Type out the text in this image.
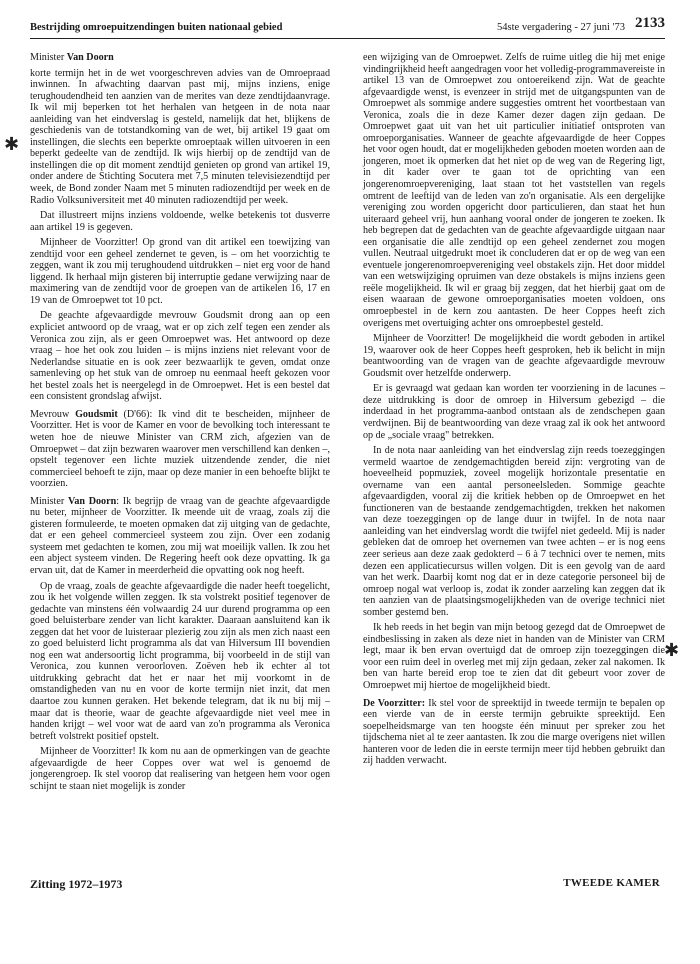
Bestrijding omroepuitzendingen buiten nationaal gebied	54ste vergadering - 27 juni '73 2133

Minister Van Doorn

korte termijn het in de wet voorgeschreven advies van de Omroepraad inwinnen. In afwachting daarvan past mij, mijns inziens, enige terughoudendheid ten aanzien van de merites van deze zendtijdaanvrage. Ik wil mij beperken tot het herhalen van hetgeen in de nota naar aanleiding van het eindverslag is gesteld, namelijk dat het, blijkens de geschiedenis van de totstandkoming van de wet, bij artikel 19 gaat om instellingen, die slechts een beperkte omroeptaak willen uitvoeren in een beperkt gedeelte van de zendtijd. Ik wijs hierbij op de zendtijd van de instellingen die op dit moment zendtijd genieten op grond van artikel 19, onder andere de Stichting Socutera met 7,5 minuten televisiezendtijd per week, de Bond zonder Naam met 5 minuten radiozendtijd per week en de Radio Volksuniversiteit met 40 minuten radiozendtijd per week.

Dat illustreert mijns inziens voldoende, welke betekenis tot dusverre aan artikel 19 is gegeven.

Mijnheer de Voorzitter! Op grond van dit artikel een toewijzing van zendtijd voor een geheel zendernet te geven, is – om het voorzichtig te zeggen, want ik zou mij terughoudend uitdrukken – niet erg voor de hand liggend. Ik herhaal mijn gisteren bij interruptie gedane verwijzing naar de maximering van de zendtijd voor de groepen van de artikelen 16, 17 en 19 van de Omroepwet tot 10 pct.

De geachte afgevaardigde mevrouw Goudsmit drong aan op een expliciet antwoord op de vraag, wat er op zich zelf tegen een zender als Veronica zou zijn, als er geen Omroepwet was. Het antwoord op deze vraag – hoe het ook zou luiden – is mijns inziens niet relevant voor de Nederlandse situatie en is ook zeer bezwaarlijk te geven, omdat onze samenleving op het stuk van de omroep nu eenmaal heeft gekozen voor het bestel zoals het is neergelegd in de Omroepwet. Het is een bestel dat een consistent grondslag afwijst.

Mevrouw Goudsmit (D'66): Ik vind dit te bescheiden, mijnheer de Voorzitter. Het is voor de Kamer en voor de bevolking toch interessant te weten hoe de nieuwe Minister van CRM zich, afgezien van de Omroepwet – dat zijn bezwaren waarover men verschillend kan denken –, opstelt tegenover een lichte muziek uitzendende zender, die niet commercieel behoeft te zijn, maar op deze manier in een behoefte blijkt te voorzien.

Minister Van Doorn: Ik begrijp de vraag van de geachte afgevaardigde nu beter, mijnheer de Voorzitter. Ik meende uit de vraag, zoals zij die gisteren formuleerde, te moeten opmaken dat zij uitging van de gedachte, dat er een geheel commercieel systeem zou zijn. Over een zodanig systeem met gedachten te komen, zou mij wat moeilijk vallen. Ik zou het een abject systeem vinden. De Regering heeft ook deze opvatting. Ik ga ervan uit, dat de Kamer in meerderheid die opvatting ook nog heeft.

Op de vraag, zoals de geachte afgevaardigde die nader heeft toegelicht, zou ik het volgende willen zeggen. Ik sta volstrekt positief tegenover de gedachte van minstens één volwaardig 24 uur durend programma op een goed beluisterbare zender van licht karakter. Daaraan aansluitend kan ik zeggen dat het voor de luisteraar plezierig zou zijn als men zich naast een zo goed beluisterd licht programma als dat van Hilversum III bovendien nog een wat andersoortig licht programma, bij voorbeeld in de stijl van Veronica, zou kunnen veroorloven. Zoëven heb ik echter al tot uitdrukking gebracht dat het er naar het mij voorkomt in de omstandigheden van nu en voor de korte termijn niet inzit, dat men daartoe zou kunnen geraken. Het bekende telegram, dat ik nu bij mij – maar dat is theorie, waar de geachte afgevaardigde niet veel mee in handen krijgt – wel voor wat de aard van zo'n programma als Veronica betreft volstrekt positief opstelt.

Mijnheer de Voorzitter! Ik kom nu aan de opmerkingen van de geachte afgevaardigde de heer Coppes over wat wel is genoemd de jongerengroep. Ik stel voorop dat realisering van hetgeen hem voor ogen schijnt te staan niet mogelijk is zonder

een wijziging van de Omroepwet. Zelfs de ruime uitleg die hij met enige vindingrijkheid heeft aangedragen voor het volledig-programmavereiste in artikel 13 van de Omroepwet zou ontoereikend zijn. Wat de geachte afgevaardigde wenst, is evenzeer in strijd met de uitgangspunten van de Omroepwet als sommige andere suggesties omtrent het voortbestaan van Veronica, zoals die in deze Kamer dezer dagen zijn gedaan. De Omroepwet gaat uit van het uit particulier initiatief ontsproten van omroeporganisaties. Wanneer de geachte afgevaardigde de heer Coppes het voor ogen houdt, dat er mogelijkheden geboden moeten worden aan de jongeren, moet ik opmerken dat het niet op de weg van de Regering ligt, in dit kader over te gaan tot de oprichting van een jongerenomroepvereniging, laat staan tot het vaststellen van regels omtrent de leeftijd van de leden van zo'n organisatie. Als een dergelijke vereniging zou worden opgericht door particulieren, dan staat het hun uiteraard geheel vrij, hun aanhang vooral onder de jongeren te zoeken. Ik heb begrepen dat de gedachten van de geachte afgevaardigde uitgaan naar een organisatie die alle zendtijd op een geheel zendernet zou mogen vullen. Neutraal uitgedrukt moet ik concluderen dat er op de weg van een eventuele jongerenomroepvereniging veel obstakels zijn. Het door middel van een wetswijziging opruimen van deze obstakels is mijns inziens geen reële mogelijkheid. Ik wil er graag bij zeggen, dat het hierbij gaat om de eisen waaraan de gewone omroeporganisaties moeten voldoen, ons omroepbestel in de kern zou aantasten. De heer Coppes heeft zich overigens met overtuiging achter ons omroepbestel gesteld.

Mijnheer de Voorzitter! De mogelijkheid die wordt geboden in artikel 19, waarover ook de heer Coppes heeft gesproken, heb ik belicht in mijn beantwoording van de vragen van de geachte afgevaardigde mevrouw Goudsmit over hetzelfde onderwerp.

Er is gevraagd wat gedaan kan worden ter voorziening in de lacunes – deze uitdrukking is door de omroep in Hilversum gebezigd – die inderdaad in het programma-aanbod ontstaan als de zendschepen gaan verdwijnen. Bij de beantwoording van deze vraag zal ik ook het antwoord op de „sociale vraag" betrekken.

In de nota naar aanleiding van het eindverslag zijn reeds toezeggingen vermeld waartoe de zendgemachtigden bereid zijn: vergroting van de hoeveelheid popmuziek, zoveel mogelijk horizontale presentatie en overname van een aantal personeelsleden. Sommige geachte afgevaardigden, vooral zij die kritiek hebben op de Omroepwet en het functioneren van de bestaande zendgemachtigden, trekken het nakomen van deze toezeggingen op de lange duur in twijfel. In de nota naar aanleiding van het eindverslag wordt die twijfel niet gedeeld. Mij is nader gebleken dat de omroep het overnemen van twee achten – er is nog eens zeer serieus aan deze zaak gedokterd – 6 à 7 technici over te nemen, mits dezen een applicatiecursus willen volgen. Dit is een gevolg van de aard van het werk. Daarbij komt nog dat er in deze categorie personeel bij de omroep nogal wat verloop is, zodat ik zonder aarzeling kan zeggen dat ik ten aanzien van de plaatsingsmogelijkheden van de overige technici niet somber gestemd ben.

Ik heb reeds in het begin van mijn betoog gezegd dat de Omroepwet de eindbeslissing in zaken als deze niet in handen van de Minister van CRM legt, maar ik ben ervan overtuigd dat de omroep zijn toezeggingen die voor een ruim deel in overleg met mij zijn gedaan, zeker zal nakomen. Ik ben van harte bereid erop toe te zien dat dit gebeurt voor zover de Omroepwet mij hiertoe de mogelijkheid biedt.

De Voorzitter: Ik stel voor de spreektijd in tweede termijn te bepalen op een vierde van de in eerste termijn gebruikte spreektijd. Een soepelheidsmarge van ten hoogste één minuut per spreker zou het tijdschema niet al te zeer aantasten. Ik zou die marge overigens niet willen hanteren voor de leden die in eerste termijn meer tijd hebben gebruikt dan zij hadden verwacht.

✱
✱
Zitting 1972–1973	TWEEDE KAMER
